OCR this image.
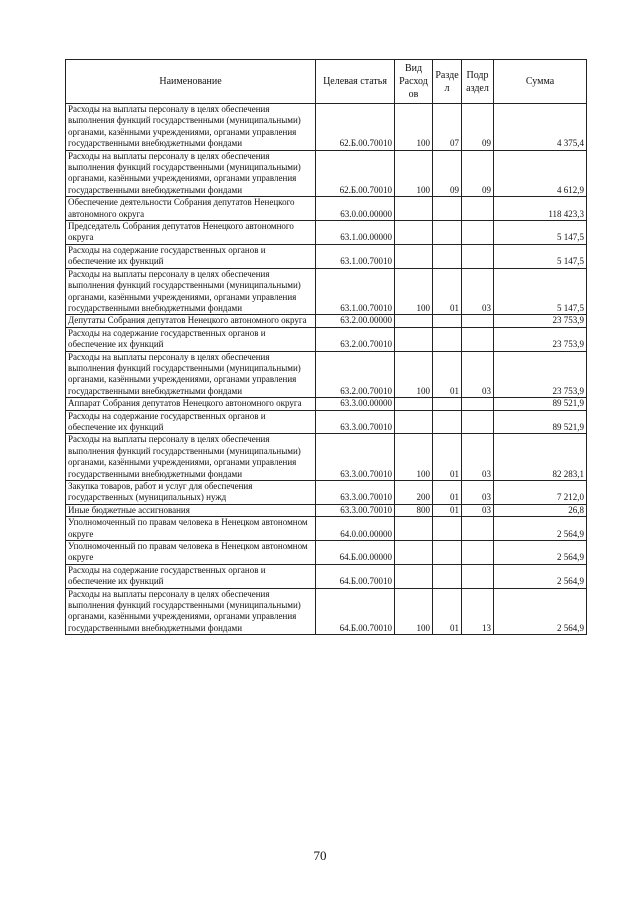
Наименование	Целевая статья	Вид Расход ов	Разде л	Подр аздел	Сумма
Расходы на выплаты персоналу в целях обеспечения выполнения функций государственными (муниципальными) органами, казёнными учреждениями, органами управления государственными внебюджетными фондами	62.Б.00.70010	100	07	09	4 375,4
Расходы на выплаты персоналу в целях обеспечения выполнения функций государственными (муниципальными) органами, казёнными учреждениями, органами управления государственными внебюджетными фондами	62.Б.00.70010	100	09	09	4 612,9
Обеспечение деятельности Собрания депутатов Ненецкого автономного округа	63.0.00.00000				118 423,3
Председатель Собрания депутатов Ненецкого автономного округа	63.1.00.00000				5 147,5
Расходы на содержание государственных органов и обеспечение их функций	63.1.00.70010				5 147,5
Расходы на выплаты персоналу в целях обеспечения выполнения функций государственными (муниципальными) органами, казёнными учреждениями, органами управления государственными внебюджетными фондами	63.1.00.70010	100	01	03	5 147,5
Депутаты Собрания депутатов Ненецкого автономного округа	63.2.00.00000				23 753,9
Расходы на содержание государственных органов и обеспечение их функций	63.2.00.70010				23 753,9
Расходы на выплаты персоналу в целях обеспечения выполнения функций государственными (муниципальными) органами, казёнными учреждениями, органами управления государственными внебюджетными фондами	63.2.00.70010	100	01	03	23 753,9
Аппарат Собрания депутатов Ненецкого автономного округа	63.3.00.00000				89 521,9
Расходы на содержание государственных органов и обеспечение их функций	63.3.00.70010				89 521,9
Расходы на выплаты персоналу в целях обеспечения выполнения функций государственными (муниципальными) органами, казёнными учреждениями, органами управления государственными внебюджетными фондами	63.3.00.70010	100	01	03	82 283,1
Закупка товаров, работ и услуг для обеспечения государственных (муниципальных) нужд	63.3.00.70010	200	01	03	7 212,0
Иные бюджетные ассигнования	63.3.00.70010	800	01	03	26,8
Уполномоченный по правам человека в Ненецком автономном округе	64.0.00.00000				2 564,9
Уполномоченный по правам человека в Ненецком автономном округе	64.Б.00.00000				2 564,9
Расходы на содержание государственных органов и обеспечение их функций	64.Б.00.70010				2 564,9
Расходы на выплаты персоналу в целях обеспечения выполнения функций государственными (муниципальными) органами, казёнными учреждениями, органами управления государственными внебюджетными фондами	64.Б.00.70010	100	01	13	2 564,9
70
